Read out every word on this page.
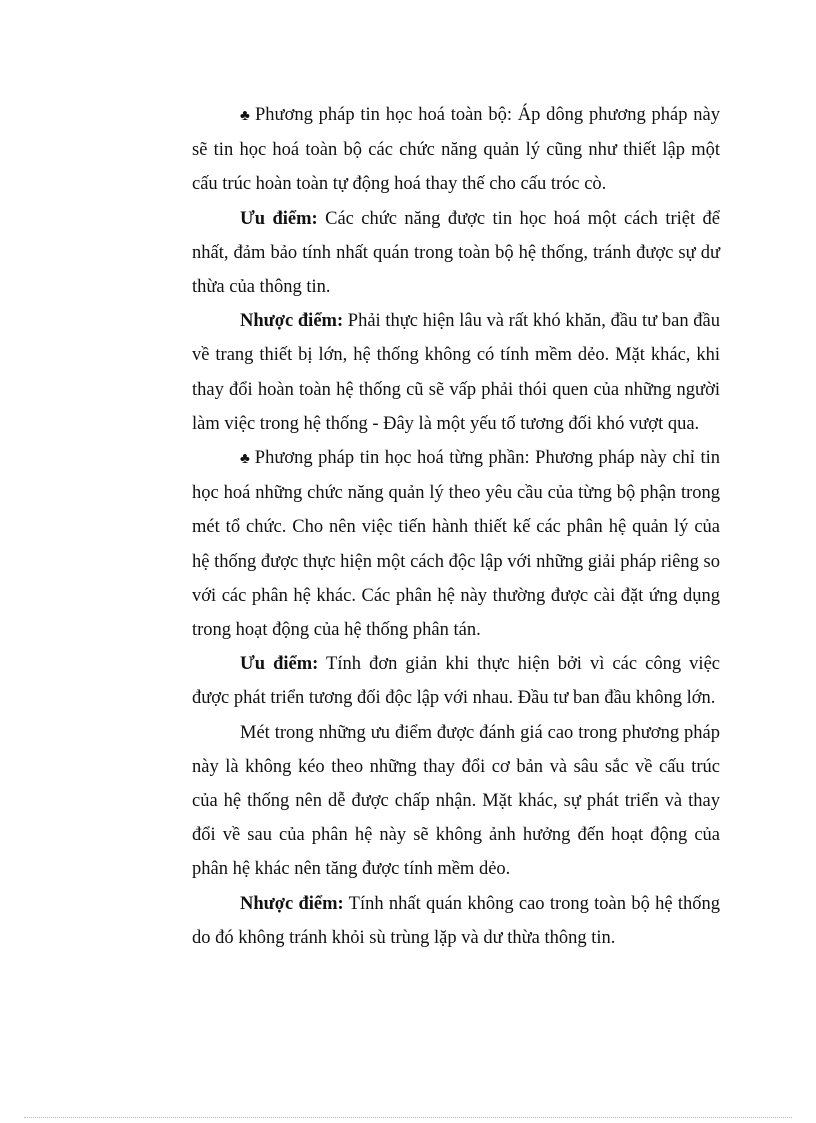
♣ Phương pháp tin học hoá toàn bộ: Áp dông phương pháp này sẽ tin học hoá toàn bộ các chức năng quản lý cũng như thiết lập một cấu trúc hoàn toàn tự động hoá thay thế cho cấu tróc cò.

Ưu điểm: Các chức năng được tin học hoá một cách triệt để nhất, đảm bảo tính nhất quán trong toàn bộ hệ thống, tránh được sự dư thừa của thông tin.

Nhược điểm: Phải thực hiện lâu và rất khó khăn, đầu tư ban đầu về trang thiết bị lớn, hệ thống không có tính mềm dẻo. Mặt khác, khi thay đổi hoàn toàn hệ thống cũ sẽ vấp phải thói quen của những người làm việc trong hệ thống - Đây là một yếu tố tương đối khó vượt qua.

♣ Phương pháp tin học hoá từng phần: Phương pháp này chỉ tin học hoá những chức năng quản lý theo yêu cầu của từng bộ phận trong mét tổ chức. Cho nên việc tiến hành thiết kế các phân hệ quản lý của hệ thống được thực hiện một cách độc lập với những giải pháp riêng so với các phân hệ khác. Các phân hệ này thường được cài đặt ứng dụng trong hoạt động của hệ thống phân tán.

Ưu điểm: Tính đơn giản khi thực hiện bởi vì các công việc được phát triển tương đối độc lập với nhau. Đầu tư ban đầu không lớn.

Mét trong những ưu điểm được đánh giá cao trong phương pháp này là không kéo theo những thay đổi cơ bản và sâu sắc về cấu trúc của hệ thống nên dễ được chấp nhận. Mặt khác, sự phát triển và thay đổi về sau của phân hệ này sẽ không ảnh hưởng đến hoạt động của phân hệ khác nên tăng được tính mềm dẻo.

Nhược điểm: Tính nhất quán không cao trong toàn bộ hệ thống do đó không tránh khỏi sù trùng lặp và dư thừa thông tin.
